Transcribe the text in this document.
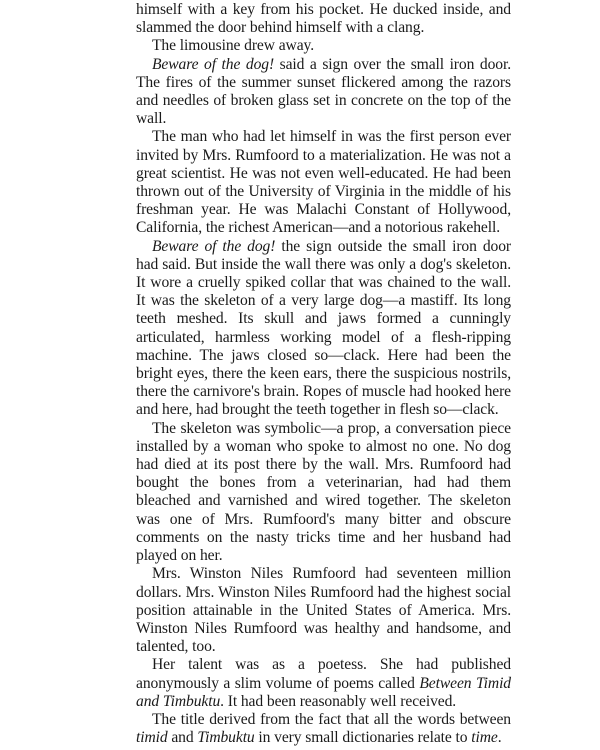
himself with a key from his pocket. He ducked inside, and slammed the door behind himself with a clang.

The limousine drew away.

Beware of the dog! said a sign over the small iron door. The fires of the summer sunset flickered among the razors and needles of broken glass set in concrete on the top of the wall.

The man who had let himself in was the first person ever invited by Mrs. Rumfoord to a materialization. He was not a great scientist. He was not even well-educated. He had been thrown out of the University of Virginia in the middle of his freshman year. He was Malachi Constant of Hollywood, California, the richest American—and a notorious rakehell.

Beware of the dog! the sign outside the small iron door had said. But inside the wall there was only a dog's skeleton. It wore a cruelly spiked collar that was chained to the wall. It was the skeleton of a very large dog—a mastiff. Its long teeth meshed. Its skull and jaws formed a cunningly articulated, harmless working model of a flesh-ripping machine. The jaws closed so—clack. Here had been the bright eyes, there the keen ears, there the suspicious nostrils, there the carnivore's brain. Ropes of muscle had hooked here and here, had brought the teeth together in flesh so—clack.

The skeleton was symbolic—a prop, a conversation piece installed by a woman who spoke to almost no one. No dog had died at its post there by the wall. Mrs. Rumfoord had bought the bones from a veterinarian, had had them bleached and varnished and wired together. The skeleton was one of Mrs. Rumfoord's many bitter and obscure comments on the nasty tricks time and her husband had played on her.

Mrs. Winston Niles Rumfoord had seventeen million dollars. Mrs. Winston Niles Rumfoord had the highest social position attainable in the United States of America. Mrs. Winston Niles Rumfoord was healthy and handsome, and talented, too.

Her talent was as a poetess. She had published anonymously a slim volume of poems called Between Timid and Timbuktu. It had been reasonably well received.

The title derived from the fact that all the words between timid and Timbuktu in very small dictionaries relate to time.
